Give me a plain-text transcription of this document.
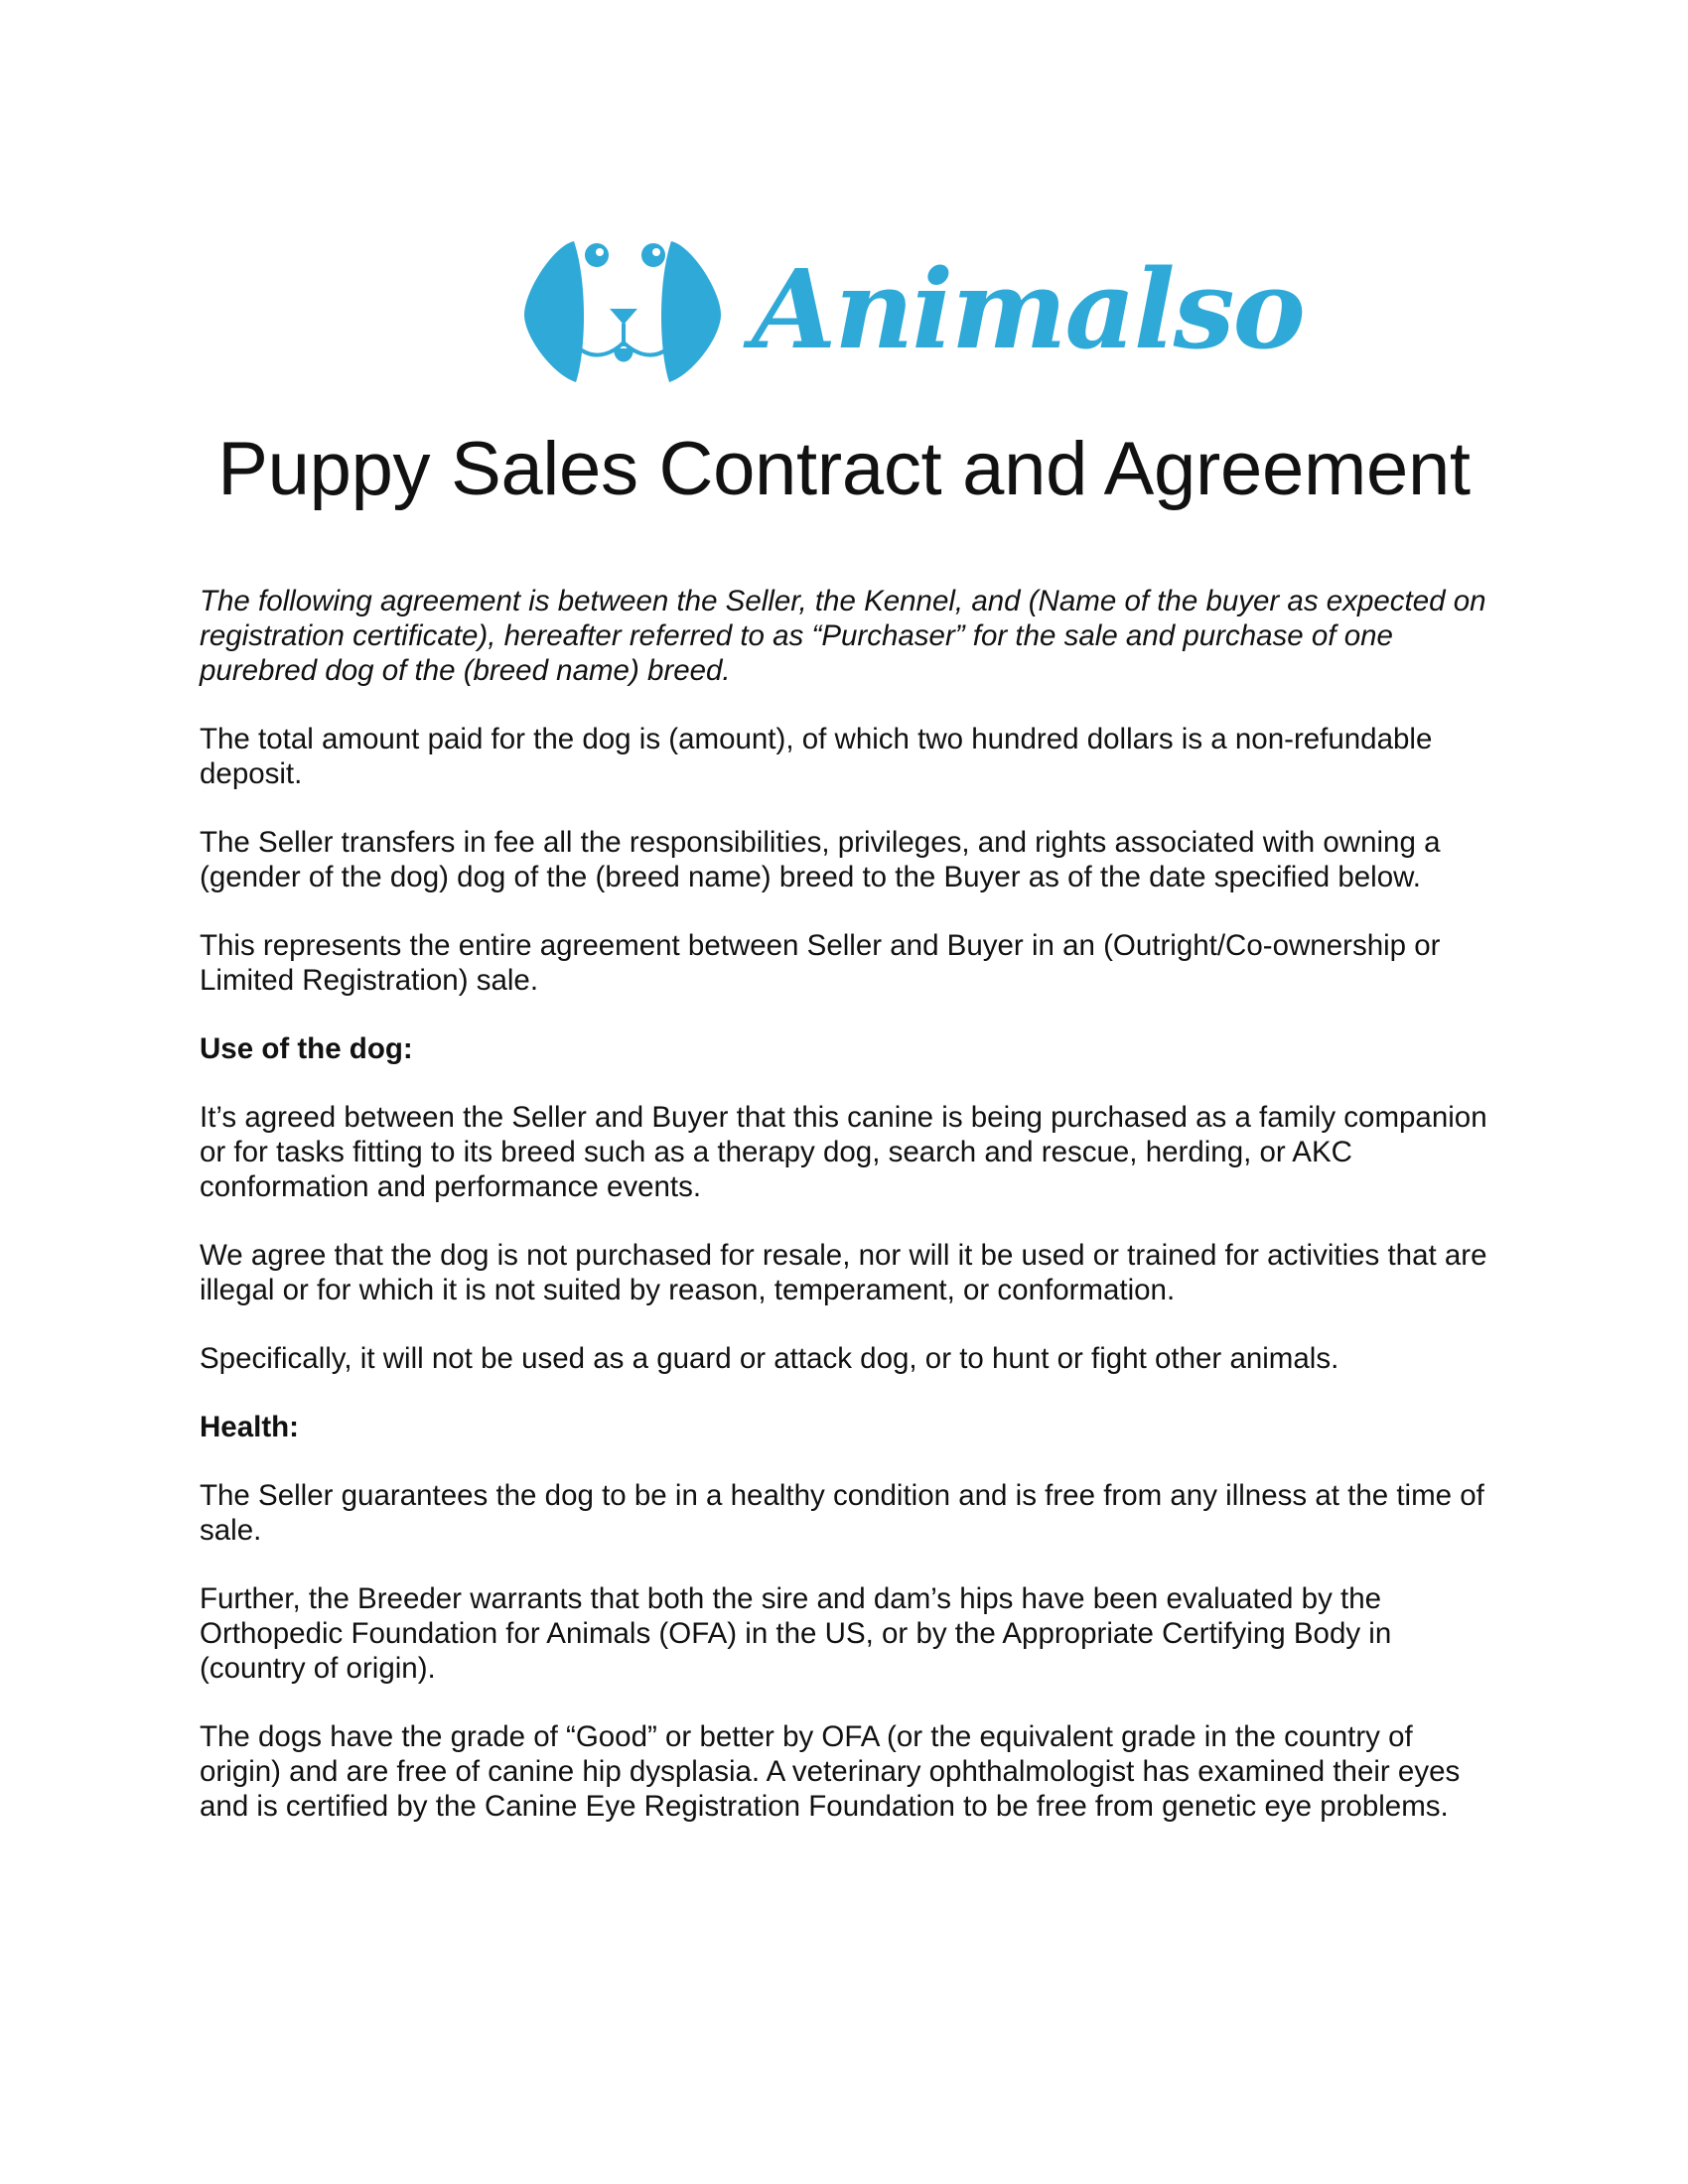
Animalso
Puppy Sales Contract and Agreement

The following agreement is between the Seller, the Kennel, and (Name of the buyer as expected on registration certificate), hereafter referred to as “Purchaser” for the sale and purchase of one purebred dog of the (breed name) breed.

The total amount paid for the dog is (amount), of which two hundred dollars is a non-refundable deposit.

The Seller transfers in fee all the responsibilities, privileges, and rights associated with owning a (gender of the dog) dog of the (breed name) breed to the Buyer as of the date specified below.

This represents the entire agreement between Seller and Buyer in an (Outright/Co-ownership or Limited Registration) sale.

Use of the dog:

It’s agreed between the Seller and Buyer that this canine is being purchased as a family companion or for tasks fitting to its breed such as a therapy dog, search and rescue, herding, or AKC conformation and performance events.

We agree that the dog is not purchased for resale, nor will it be used or trained for activities that are illegal or for which it is not suited by reason, temperament, or conformation.

Specifically, it will not be used as a guard or attack dog, or to hunt or fight other animals.

Health:

The Seller guarantees the dog to be in a healthy condition and is free from any illness at the time of sale.

Further, the Breeder warrants that both the sire and dam’s hips have been evaluated by the Orthopedic Foundation for Animals (OFA) in the US, or by the Appropriate Certifying Body in (country of origin).

The dogs have the grade of “Good” or better by OFA (or the equivalent grade in the country of origin) and are free of canine hip dysplasia. A veterinary ophthalmologist has examined their eyes and is certified by the Canine Eye Registration Foundation to be free from genetic eye problems.
